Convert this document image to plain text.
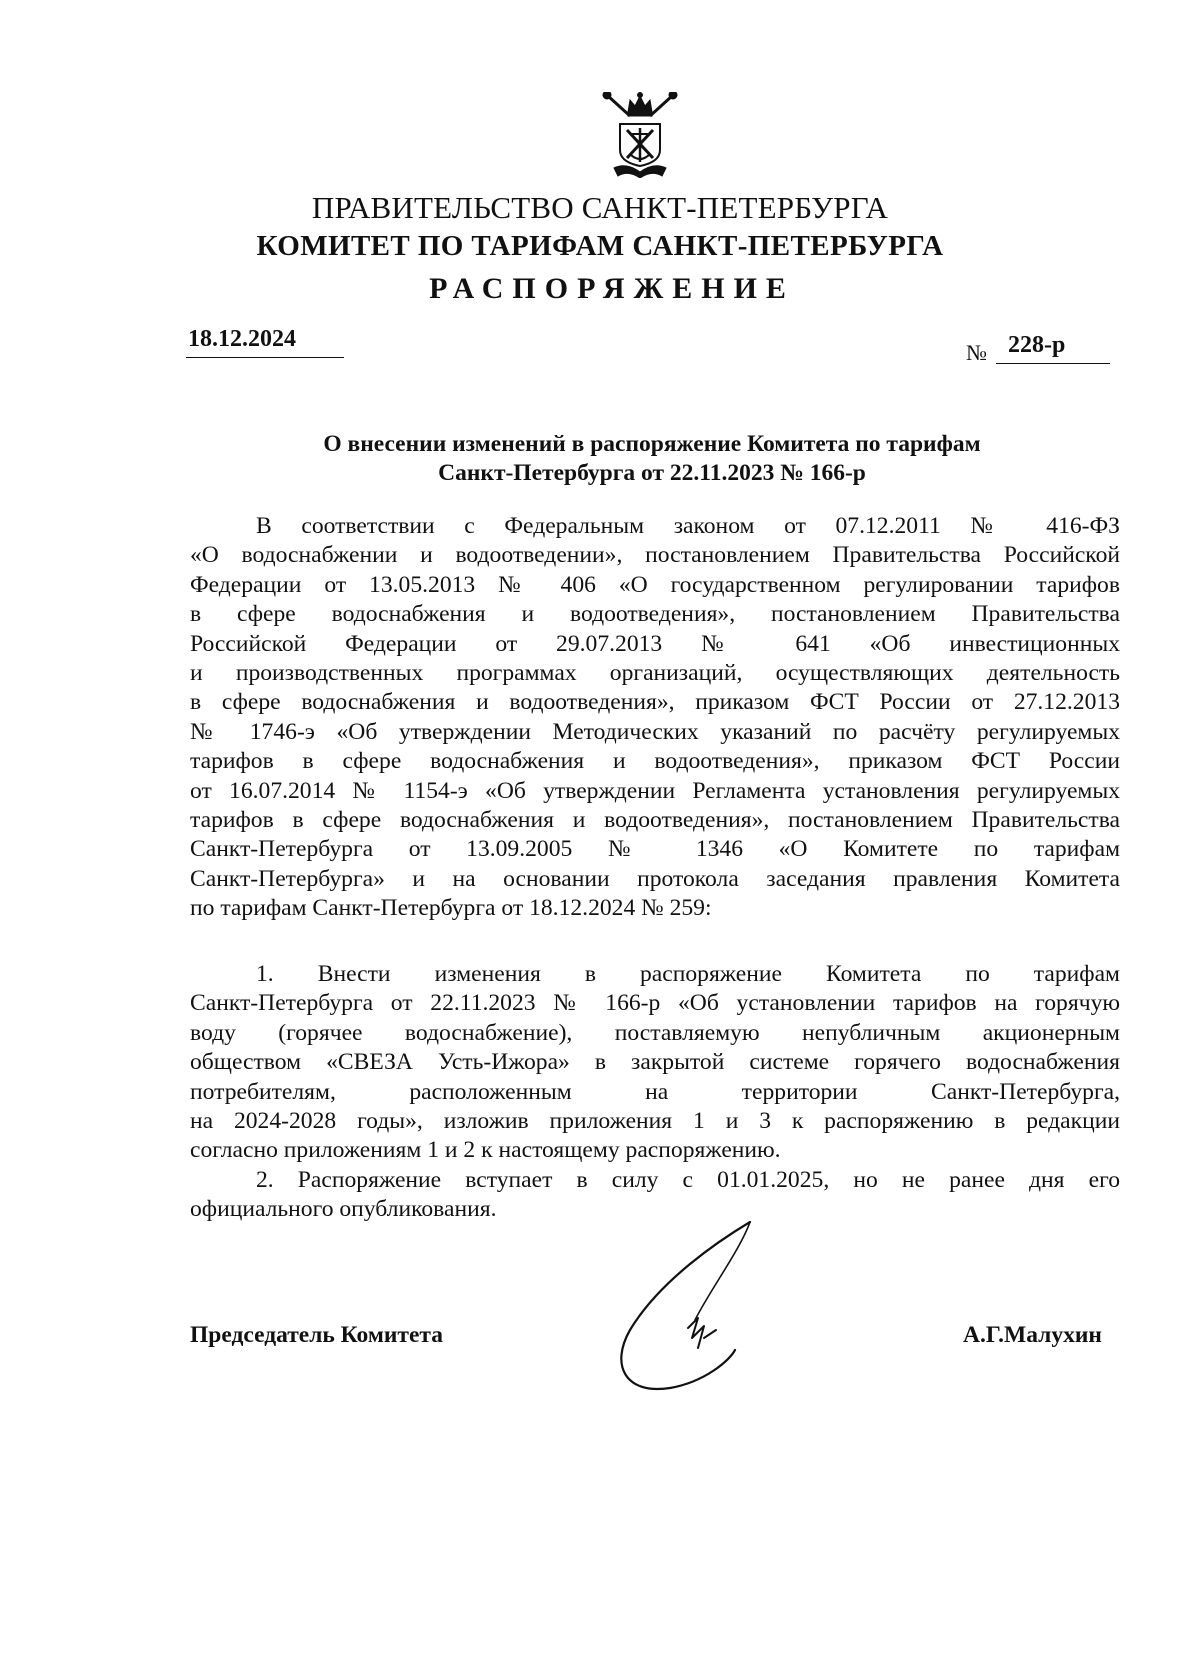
ПРАВИТЕЛЬСТВО САНКТ-ПЕТЕРБУРГА
КОМИТЕТ ПО ТАРИФАМ САНКТ-ПЕТЕРБУРГА
РАСПОРЯЖЕНИЕ
18.12.2024
№ 228-р
О внесении изменений в распоряжение Комитета по тарифам
Санкт-Петербурга от 22.11.2023 № 166-р
В соответствии с Федеральным законом от 07.12.2011 № 416-ФЗ
«О водоснабжении и водоотведении», постановлением Правительства Российской
Федерации от 13.05.2013 № 406 «О государственном регулировании тарифов
в сфере водоснабжения и водоотведения», постановлением Правительства
Российской Федерации от 29.07.2013 № 641 «Об инвестиционных
и производственных программах организаций, осуществляющих деятельность
в сфере водоснабжения и водоотведения», приказом ФСТ России от 27.12.2013
№ 1746-э «Об утверждении Методических указаний по расчёту регулируемых
тарифов в сфере водоснабжения и водоотведения», приказом ФСТ России
от 16.07.2014 № 1154-э «Об утверждении Регламента установления регулируемых
тарифов в сфере водоснабжения и водоотведения», постановлением Правительства
Санкт-Петербурга от 13.09.2005 № 1346 «О Комитете по тарифам
Санкт-Петербурга» и на основании протокола заседания правления Комитета
по тарифам Санкт-Петербурга от 18.12.2024 № 259:
1. Внести изменения в распоряжение Комитета по тарифам
Санкт-Петербурга от 22.11.2023 № 166-р «Об установлении тарифов на горячую
воду (горячее водоснабжение), поставляемую непубличным акционерным
обществом «СВЕЗА Усть-Ижора» в закрытой системе горячего водоснабжения
потребителям, расположенным на территории Санкт-Петербурга,
на 2024-2028 годы», изложив приложения 1 и 3 к распоряжению в редакции
согласно приложениям 1 и 2 к настоящему распоряжению.
2. Распоряжение вступает в силу с 01.01.2025, но не ранее дня его
официального опубликования.
Председатель Комитета	А.Г.Малухин
